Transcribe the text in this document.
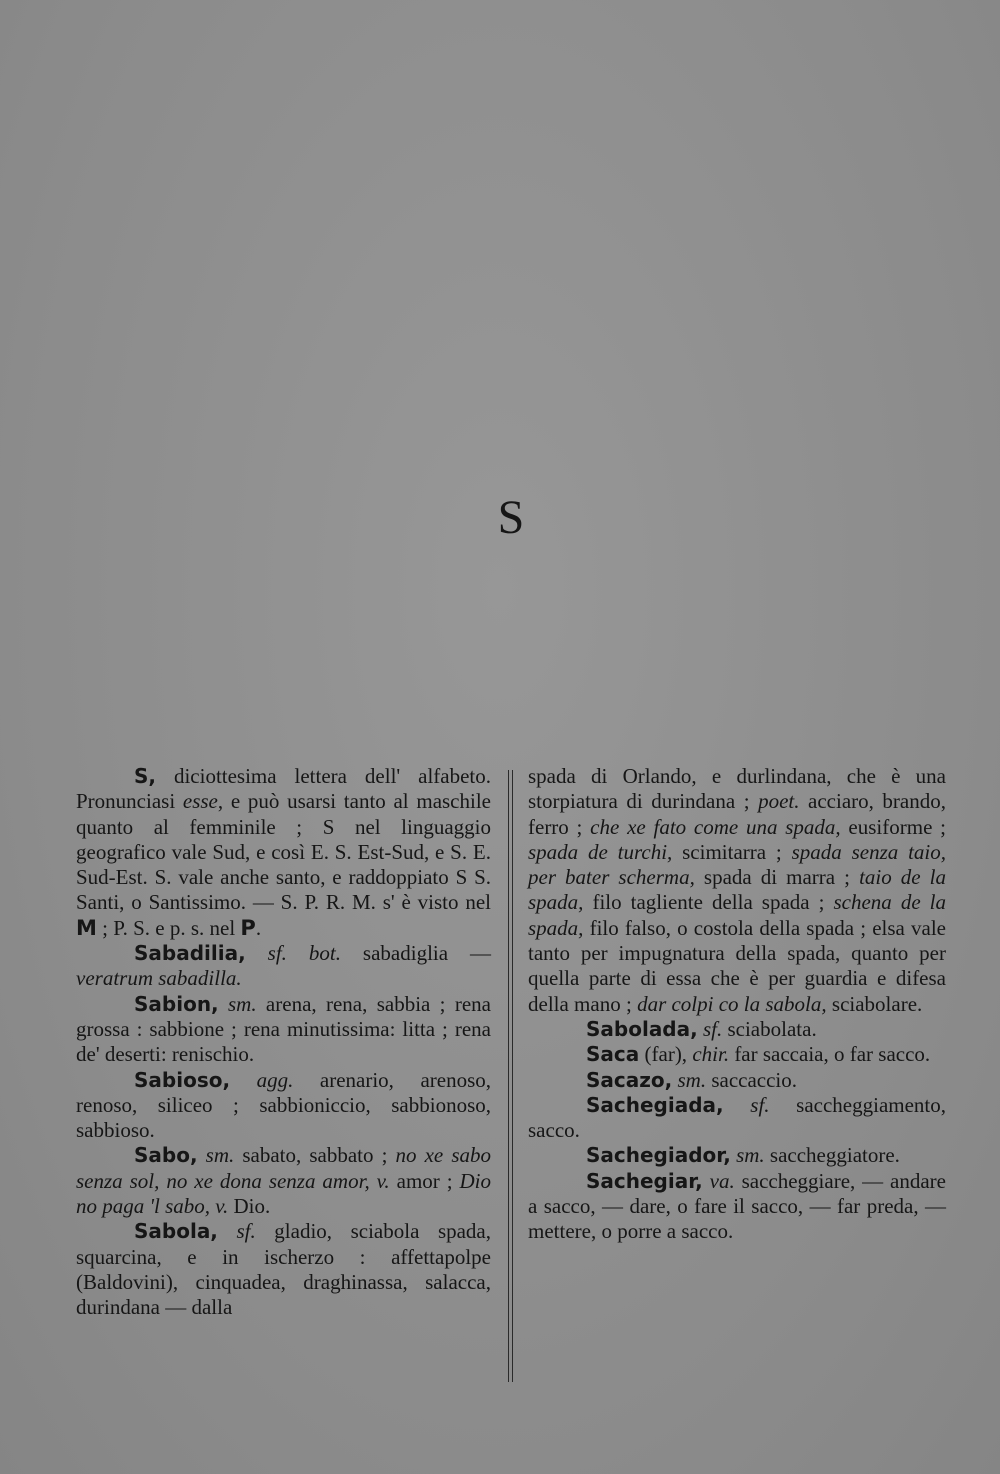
S

S, diciottesima lettera dell' alfabeto. Pronunciasi esse, e può usarsi tanto al maschile quanto al femminile ; S nel linguaggio geografico vale Sud, e così E. S. Est-Sud, e S. E. Sud-Est. S. vale anche santo, e raddoppiato S S. Santi, o Santissimo. — S. P. R. M. s' è visto nel M ; P. S. e p. s. nel P.

Sabadilia, sf. bot. sabadiglia — veratrum sabadilla.

Sabion, sm. arena, rena, sabbia ; rena grossa : sabbione ; rena minutissima: litta ; rena de' deserti: renischio.

Sabioso, agg. arenario, arenoso, renoso, siliceo ; sabbioniccio, sabbionoso, sabbioso.

Sabo, sm. sabato, sabbato ; no xe sabo senza sol, no xe dona senza amor, v. amor ; Dio no paga 'l sabo, v. Dio.

Sabola, sf. gladio, sciabola spada, squarcina, e in ischerzo : affettapolpe (Baldovini), cinquadea, draghinassa, salacca, durindana — dalla

spada di Orlando, e durlindana, che è una storpiatura di durindana ; poet. acciaro, brando, ferro ; che xe fato come una spada, eusiforme ; spada de turchi, scimitarra ; spada senza taio, per bater scherma, spada di marra ; taio de la spada, filo tagliente della spada ; schena de la spada, filo falso, o costola della spada ; elsa vale tanto per impugnatura della spada, quanto per quella parte di essa che è per guardia e difesa della mano ; dar colpi co la sabola, sciabolare.

Sabolada, sf. sciabolata.

Saca (far), chir. far saccaia, o far sacco.

Sacazo, sm. saccaccio.

Sachegiada, sf. saccheggiamento, sacco.

Sachegiador, sm. saccheggiatore.

Sachegiar, va. saccheggiare, — andare a sacco, — dare, o fare il sacco, — far preda, — mettere, o porre a sacco.
